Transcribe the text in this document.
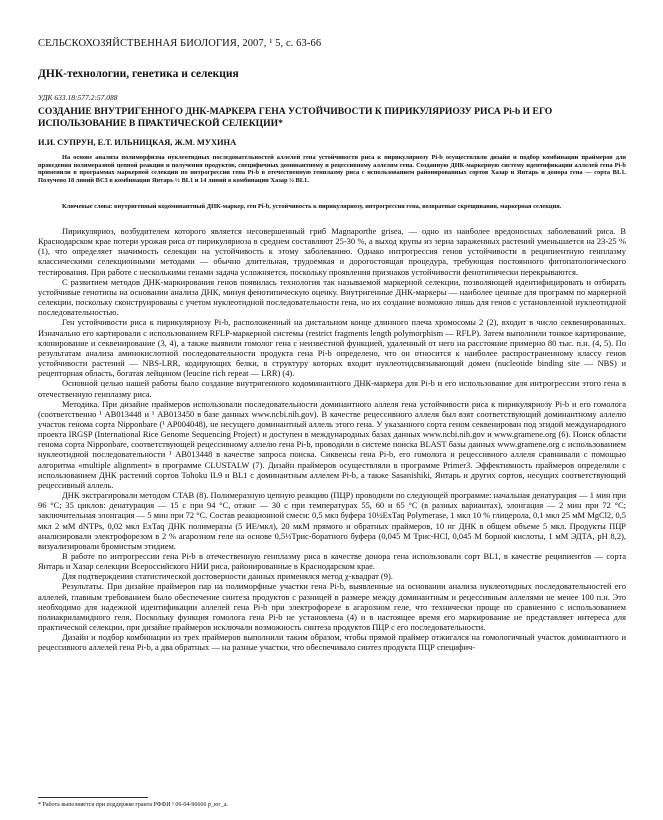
СЕЛЬСКОХОЗЯЙСТВЕННАЯ БИОЛОГИЯ, 2007, ¹ 5, с. 63-66
ДНК-технологии, генетика и селекция
УДК 633.18:577.2:57.088
СОЗДАНИЕ ВНУТРИГЕННОГО ДНК-МАРКЕРА ГЕНА УСТОЙЧИВОСТИ К ПИРИКУЛЯРИОЗУ РИСА Pi-b И ЕГО ИСПОЛЬЗОВАНИЕ В ПРАКТИЧЕСКОЙ СЕЛЕКЦИИ*
И.И. СУПРУН, Е.Т. ИЛЬНИЦКАЯ, Ж.М. МУХИНА
На основе анализа полиморфизма нуклеотидных последовательностей аллелей гена устойчивости риса к пирикуляриозу Pi-b осуществляли дизайн и подбор комбинации праймеров для проведения полимеразной цепной реакции и получения продуктов, специфичных доминантному и рецессивному аллелям гена. Созданную ДНК-маркерную систему идентификации аллелей гена Pi-b применили в программах маркерной селекции по интрогрессии гена Pi-b в отечественную генплазму риса с использованием районированных сортов Хазар и Янтарь и донора гена — сорта BL1. Получено 18 линий BC3 в комбинации Янтарь ½ BL1 и 14 линий в комбинации Хазар ½ BL1.
Ключевые слова: внутригенный кодоминантный ДНК-маркер, ген Pi-b, устойчивость к пирикуляриозу, интрогрессия гена, возвратные скрещивания, маркерная селекция.

Пирикуляриоз, возбудителем которого является несовершенный гриб Magnaporthe grisea, — одно из наиболее вредоносных заболеваний риса. В Краснодарском крае потери урожая риса от пирикуляриоза в среднем составляют 25-30 %, а выход крупы из зерна зараженных растений уменьшается на 23-25 % (1), что определяет значимость селекции на устойчивость к этому заболеванию. Однако интрогрессия генов устойчивости в реципиентную генплазму классическими селекционными методами — обычно длительная, трудоемкая и дорогостоящая процедура, требующая постоянного фитопатологического тестирования. При работе с несколькими генами задача усложняется, поскольку проявления признаков устойчивости фенотипически перекрываются.

С развитием методов ДНК-маркирования генов появилась технология так называемой маркерной селекции, позволяющей идентифицировать и отбирать устойчивые генотипы на основании анализа ДНК, минуя фенотипическую оценку. Внутригенные ДНК-маркеры — наиболее ценные для программ по маркерной селекции, поскольку сконструированы с учетом нуклеотидной последовательности гена, но их создание возможно лишь для генов с установленной нуклеотидной последовательностью.

Ген устойчивости риса к пирикуляриозу Pi-b, расположенный на дистальном конце длинного плеча хромосомы 2 (2), входит в число секвенированных. Изначально его картировали с использованием RFLP-маркерной системы (restrict fragments length polymorphism — RFLP). Затем выполнили тонкое картирование, клонирование и секвенирование (3, 4), а также выявили гомолог гена с неизвестной функцией, удаленный от него на расстояние примерно 80 тыс. п.н. (4, 5). По результатам анализа аминокислотной последовательности продукта гена Pi-b определено, что он относится к наиболее распространенному классу генов устойчивости растений — NBS-LRR, кодирующих белки, в структуру которых входит нуклеотидсвязывающий домен (nucleotide binding site — NBS) и рецепторная область, богатая лейцином (leucine rich repeat — LRR) (4).

Основной целью нашей работы было создание внутригенного кодоминантного ДНК-маркера для Pi-b и его использование для интрогрессии этого гена в отечественную генплазму риса.

Методика. При дизайне праймеров использовали последовательности доминантного аллеля гена устойчивости риса к пирикуляриозу Pi-b и его гомолога (соответственно ¹ AB013448 и ¹ AB013450 в базе данных www.ncbi.nih.gov). В качестве рецессивного аллеля был взят соответствующий доминантному аллелю участок генома сорта Nipponbare (¹ AP004048), не несущего доминантный аллель этого гена. У указанного сорта геном секвенирован под эгидой международного проекта IRGSP (International Rice Genome Sequencing Project) и доступен в международных базах данных www.ncbi.nih.gov и www.gramene.org (6). Поиск области генома сорта Nipponbare, соответствующей рецессивному аллелю гена Pi-b, проводили в системе поиска BLAST базы данных www.gramene.org с использованием нуклеотидной последовательности ¹ AB013448 в качестве запроса поиска. Сиквенсы гена Pi-b, его гомолога и рецессивного аллеля сравнивали с помощью алгоритма «multiple alignment» в программе CLUSTALW (7). Дизайн праймеров осуществляли в программе Primer3. Эффективность праймеров определяли с использованием ДНК растений сортов Tohoku IL9 и BL1 с доминантным аллелем Pi-b, а также Sasanishiki, Янтарь и других сортов, несущих соответствующий рецессивный аллель.

ДНК экстрагировали методом CTAB (8). Полимеразную цепную реакцию (ПЦР) проводили по следующей программе: начальная денатурация — 1 мин при 96 °C; 35 циклов: денатурация — 15 с при 94 °C, отжиг — 30 с при температурах 55, 60 и 65 °C (в разных вариантах), элонгация — 2 мин при 72 °C; заключительная элонгация — 5 мин при 72 °C. Состав реакционной смеси: 0,5 мкл буфера 10½ExTaq Polymerase, 1 мкл 10 % глицерола, 0,1 мкл 25 мМ MgCl2, 0,5 мкл 2 мМ dNTPs, 0,02 мкл ExTaq ДНК полимеразы (5 ИЕ/мкл), 20 мкМ прямого и обратных праймеров, 10 нг ДНК в общем объеме 5 мкл. Продукты ПЦР анализировали электрофорезом в 2 % агарозном геле на основе 0,5½Трис-боратного буфера (0,045 М Трис-HCl, 0,045 М борной кислоты, 1 мМ ЭДТА, pH 8,2), визуализировали бромистым этидием.

В работе по интрогрессии гена Pi-b в отечественную генплазму риса в качестве донора гена использовали сорт BL1, в качестве реципиентов — сорта Янтарь и Хазар селекции Всероссийского НИИ риса, районированные в Краснодарском крае.

Для подтверждения статистической достоверности данных применялся метод χ-квадрат (9).

Результаты. При дизайне праймеров пар на полиморфные участки гена Pi-b, выявленные на основании анализа нуклеотидных последовательностей его аллелей, главным требованием было обеспечение синтеза продуктов с разницей в размере между доминантным и рецессивным аллелями не менее 100 п.н. Это необходимо для надежной идентификации аллелей гена Pi-b при электрофорезе в агарозном геле, что технически проще по сравнению с использованием полиакриламидного геля. Поскольку функция гомолога гена Pi-b не установлена (4) и в настоящее время его маркирование не представляет интереса для практической селекции, при дизайне праймеров исключали возможность синтеза продуктов ПЦР с его последовательности.

Дизайн и подбор комбинации из трех праймеров выполнили таким образом, чтобы прямой праймер отжигался на гомологичный участок доминантного и рецессивного аллелей гена Pi-b, а два обратных — на разные участки, что обеспечивало синтез продукта ПЦР специфич-

* Работа выполняется при поддержке гранта РФФИ ¹ 06-04-96666 р_юг_а.
